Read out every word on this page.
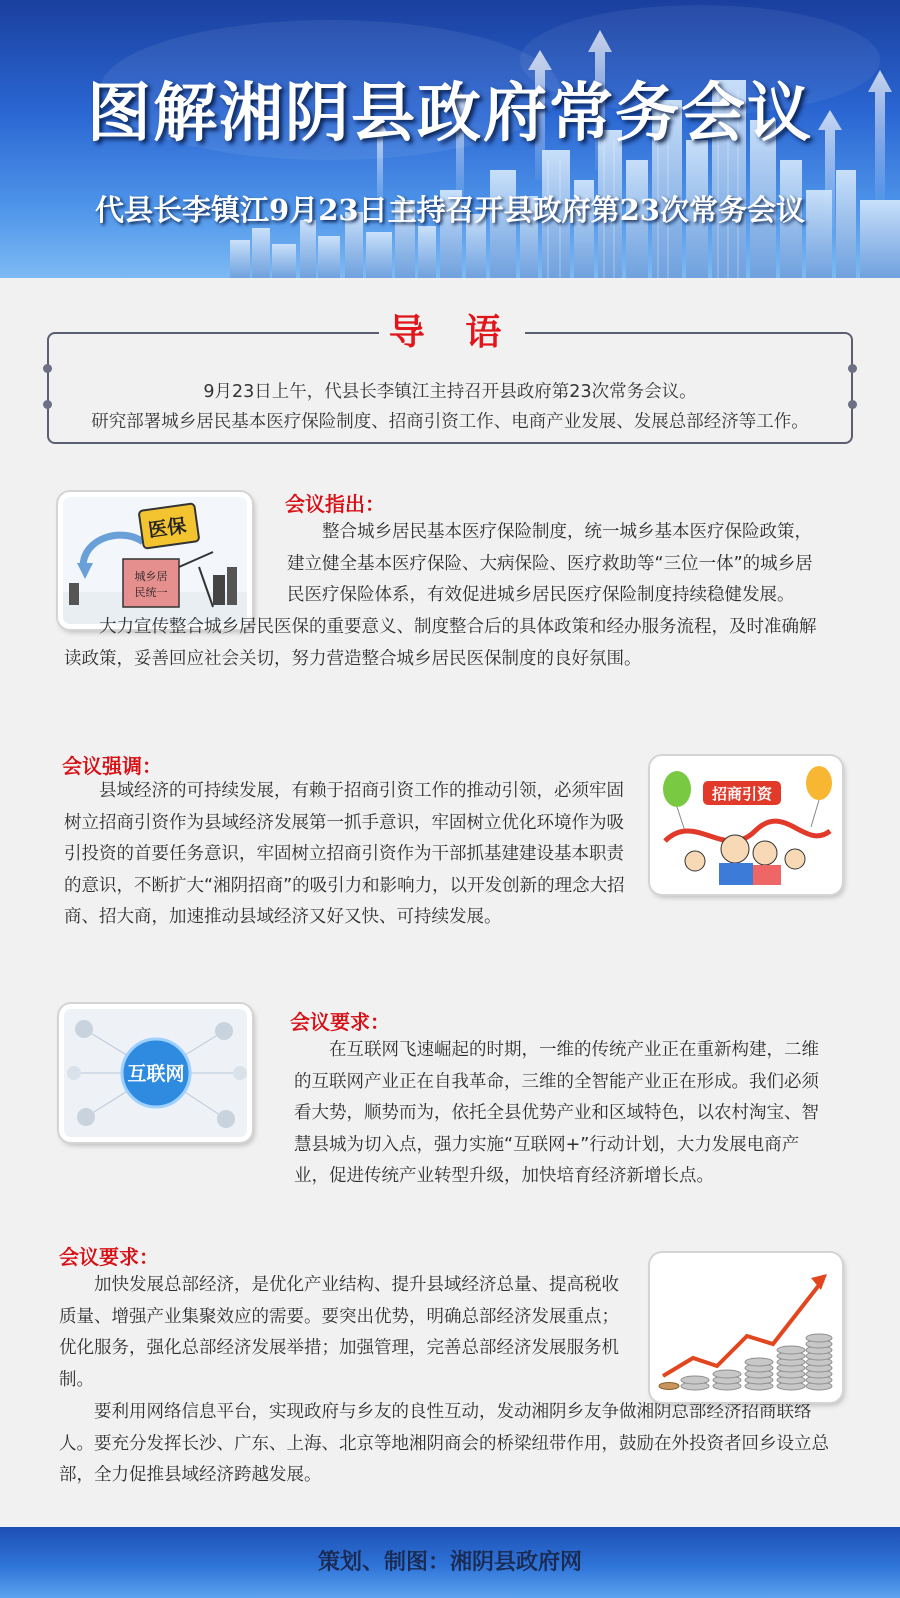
图解湘阴县政府常务会议
代县长李镇江9月23日主持召开县政府第23次常务会议
导 语
9月23日上午，代县长李镇江主持召开县政府第23次常务会议。
研究部署城乡居民基本医疗保险制度、招商引资工作、电商产业发展、发展总部经济等工作。
医保
城乡居
民统一
会议指出：

整合城乡居民基本医疗保险制度，统一城乡基本医疗保险政策，建立健全基本医疗保险、大病保险、医疗救助等“三位一体”的城乡居民医疗保险体系，有效促进城乡居民医疗保险制度持续稳健发展。

大力宣传整合城乡居民医保的重要意义、制度整合后的具体政策和经办服务流程，及时准确解读政策，妥善回应社会关切，努力营造整合城乡居民医保制度的良好氛围。

会议强调：

县域经济的可持续发展，有赖于招商引资工作的推动引领，必须牢固树立招商引资作为县域经济发展第一抓手意识，牢固树立优化环境作为吸引投资的首要任务意识，牢固树立招商引资作为干部抓基建建设基本职责的意识，不断扩大“湘阴招商”的吸引力和影响力，以开发创新的理念大招商、招大商，加速推动县域经济又好又快、可持续发展。

招商引资
互联网
会议要求：

在互联网飞速崛起的时期，一维的传统产业正在重新构建，二维的互联网产业正在自我革命，三维的全智能产业正在形成。我们必须看大势，顺势而为，依托全县优势产业和区域特色，以农村淘宝、智慧县城为切入点，强力实施“互联网+”行动计划，大力发展电商产业，促进传统产业转型升级，加快培育经济新增长点。

会议要求：

加快发展总部经济，是优化产业结构、提升县域经济总量、提高税收质量、增强产业集聚效应的需要。要突出优势，明确总部经济发展重点；优化服务，强化总部经济发展举措；加强管理，完善总部经济发展服务机制。

要利用网络信息平台，实现政府与乡友的良性互动，发动湘阴乡友争做湘阴总部经济招商联络人。要充分发挥长沙、广东、上海、北京等地湘阴商会的桥梁纽带作用，鼓励在外投资者回乡设立总部，全力促推县域经济跨越发展。

策划、制图：湘阴县政府网
